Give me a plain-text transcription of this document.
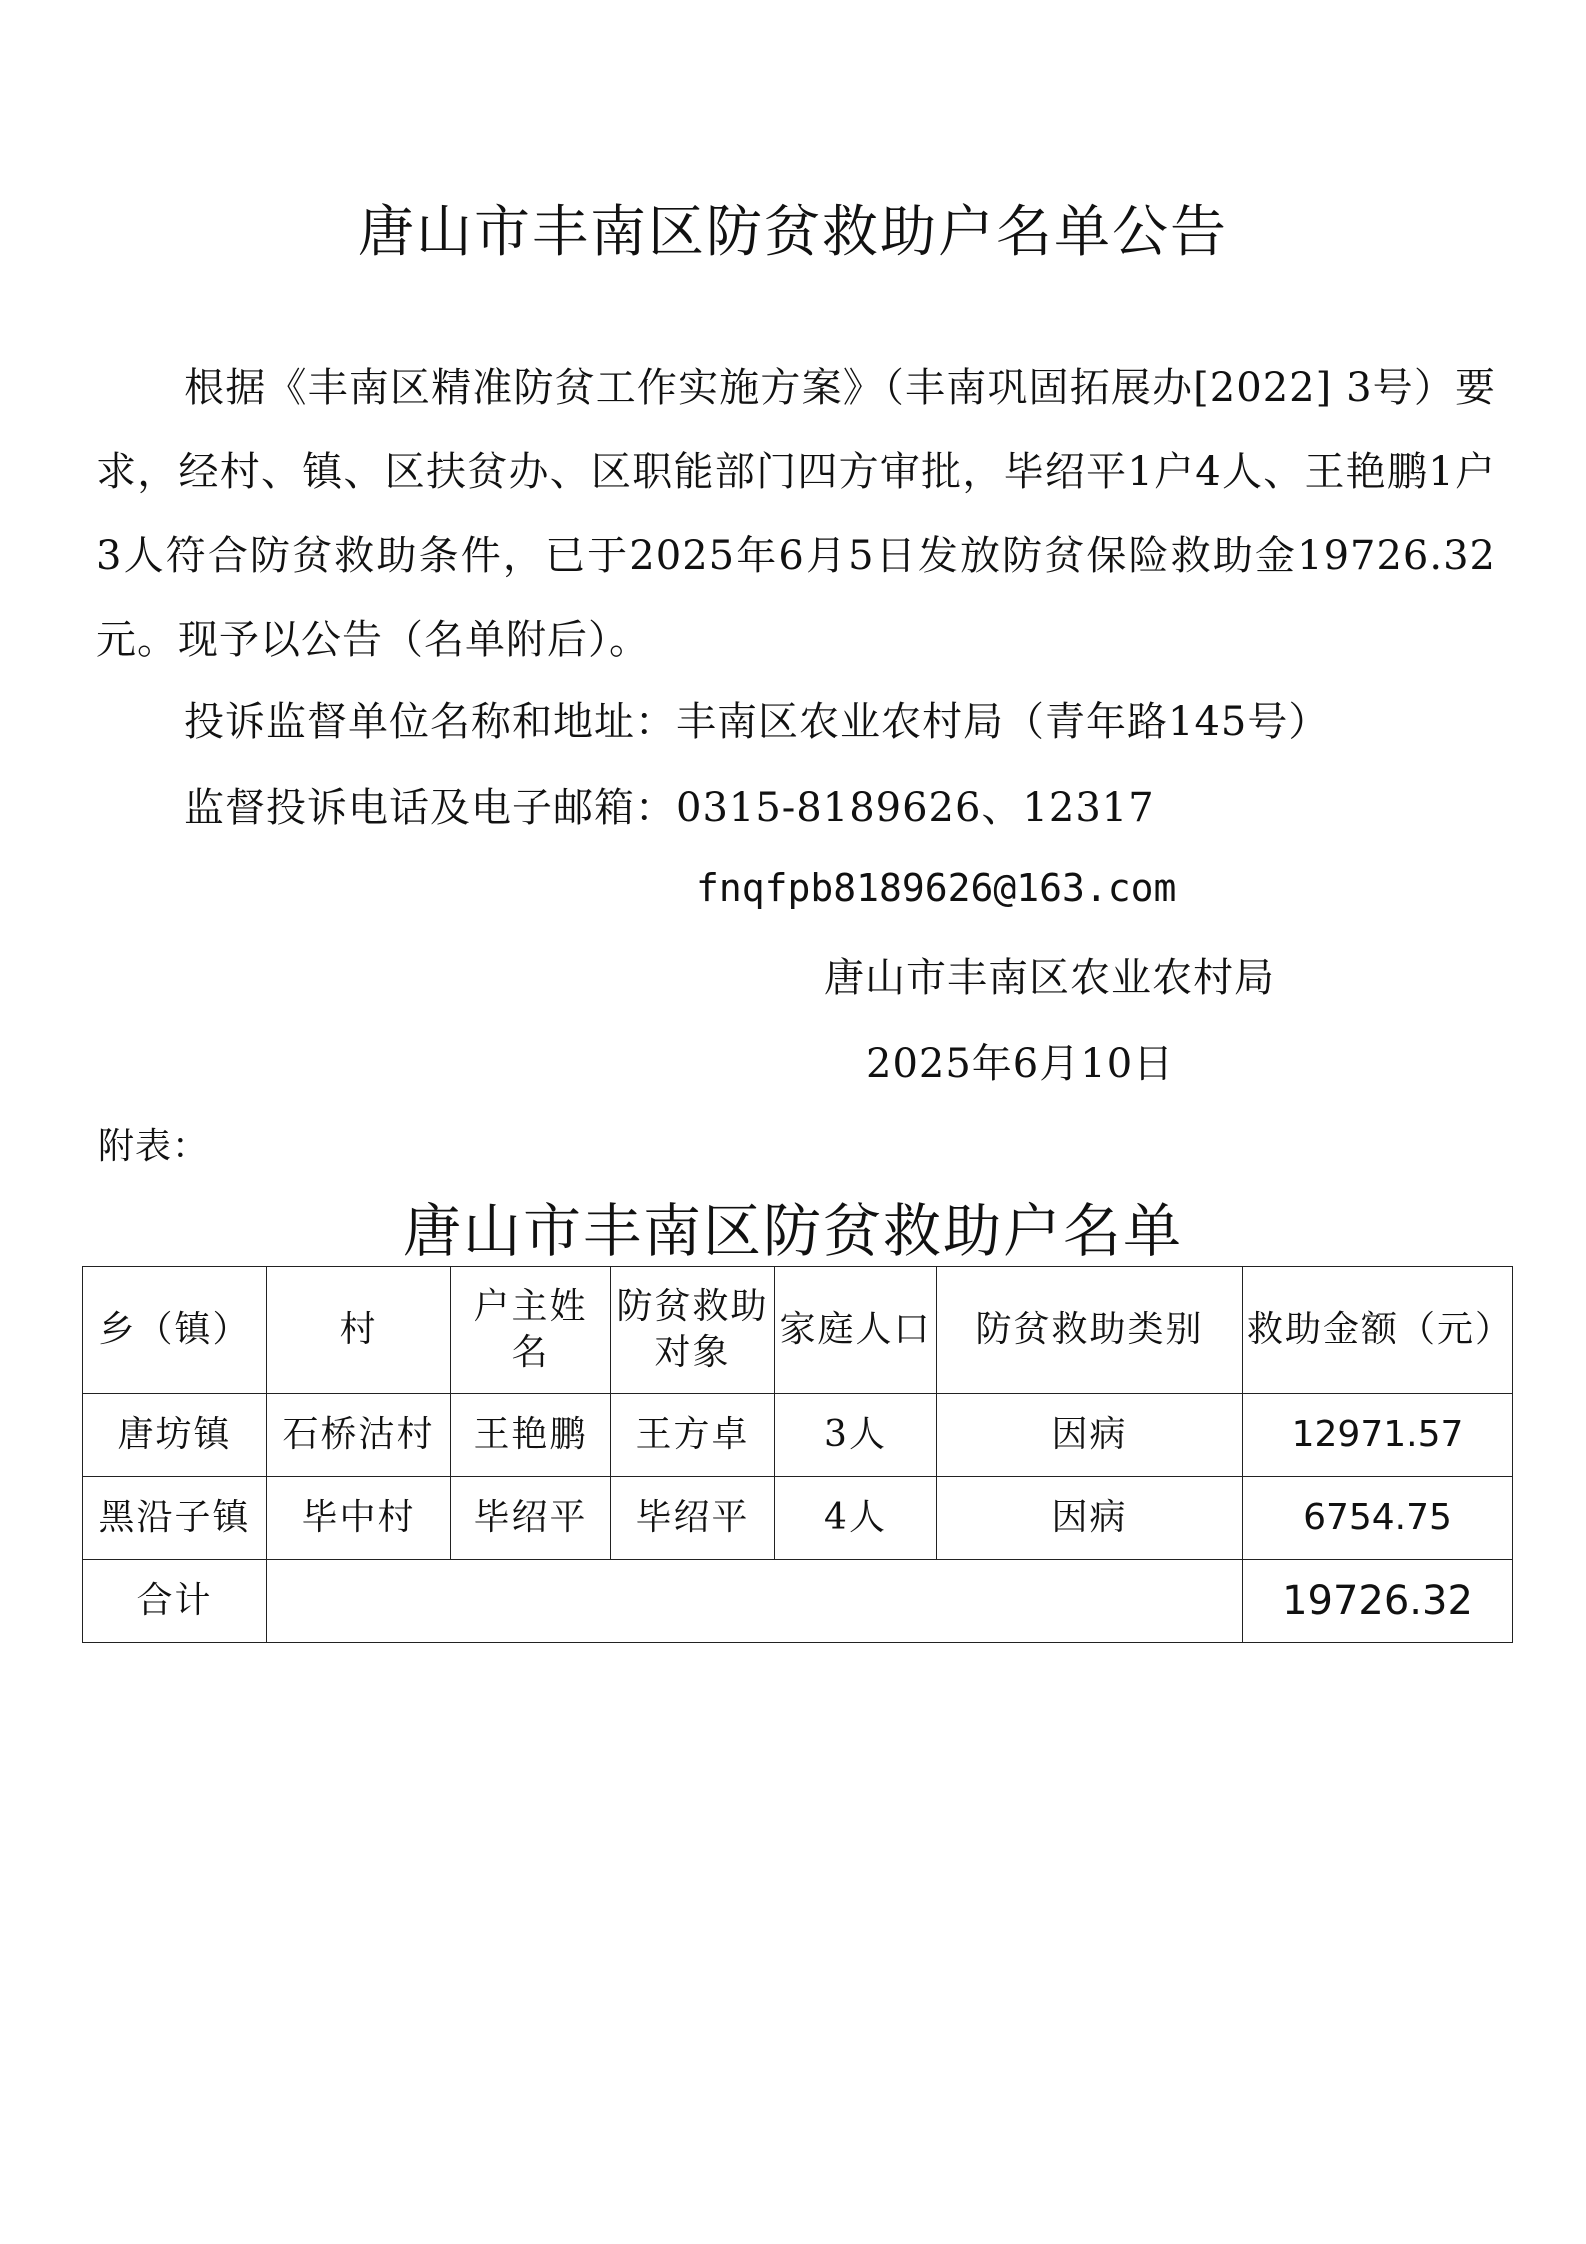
唐山市丰南区防贫救助户名单公告
根据《丰南区精准防贫工作实施方案》（丰南巩固拓展办[2022] 3号）要求，经村、镇、区扶贫办、区职能部门四方审批，毕绍平1户4人、王艳鹏1户3人符合防贫救助条件，已于2025年6月5日发放防贫保险救助金19726.32元。现予以公告（名单附后）。
投诉监督单位名称和地址：丰南区农业农村局（青年路145号）
监督投诉电话及电子邮箱：0315-8189626、12317
fnqfpb8189626@163.com
唐山市丰南区农业农村局
2025年6月10日
附表：
唐山市丰南区防贫救助户名单
乡（镇）	村	户主姓名	防贫救助对象	家庭人口	防贫救助类别	救助金额（元）
唐坊镇	石桥沽村	王艳鹏	王方卓	3人	因病	12971.57
黑沿子镇	毕中村	毕绍平	毕绍平	4人	因病	6754.75
合计						19726.32
